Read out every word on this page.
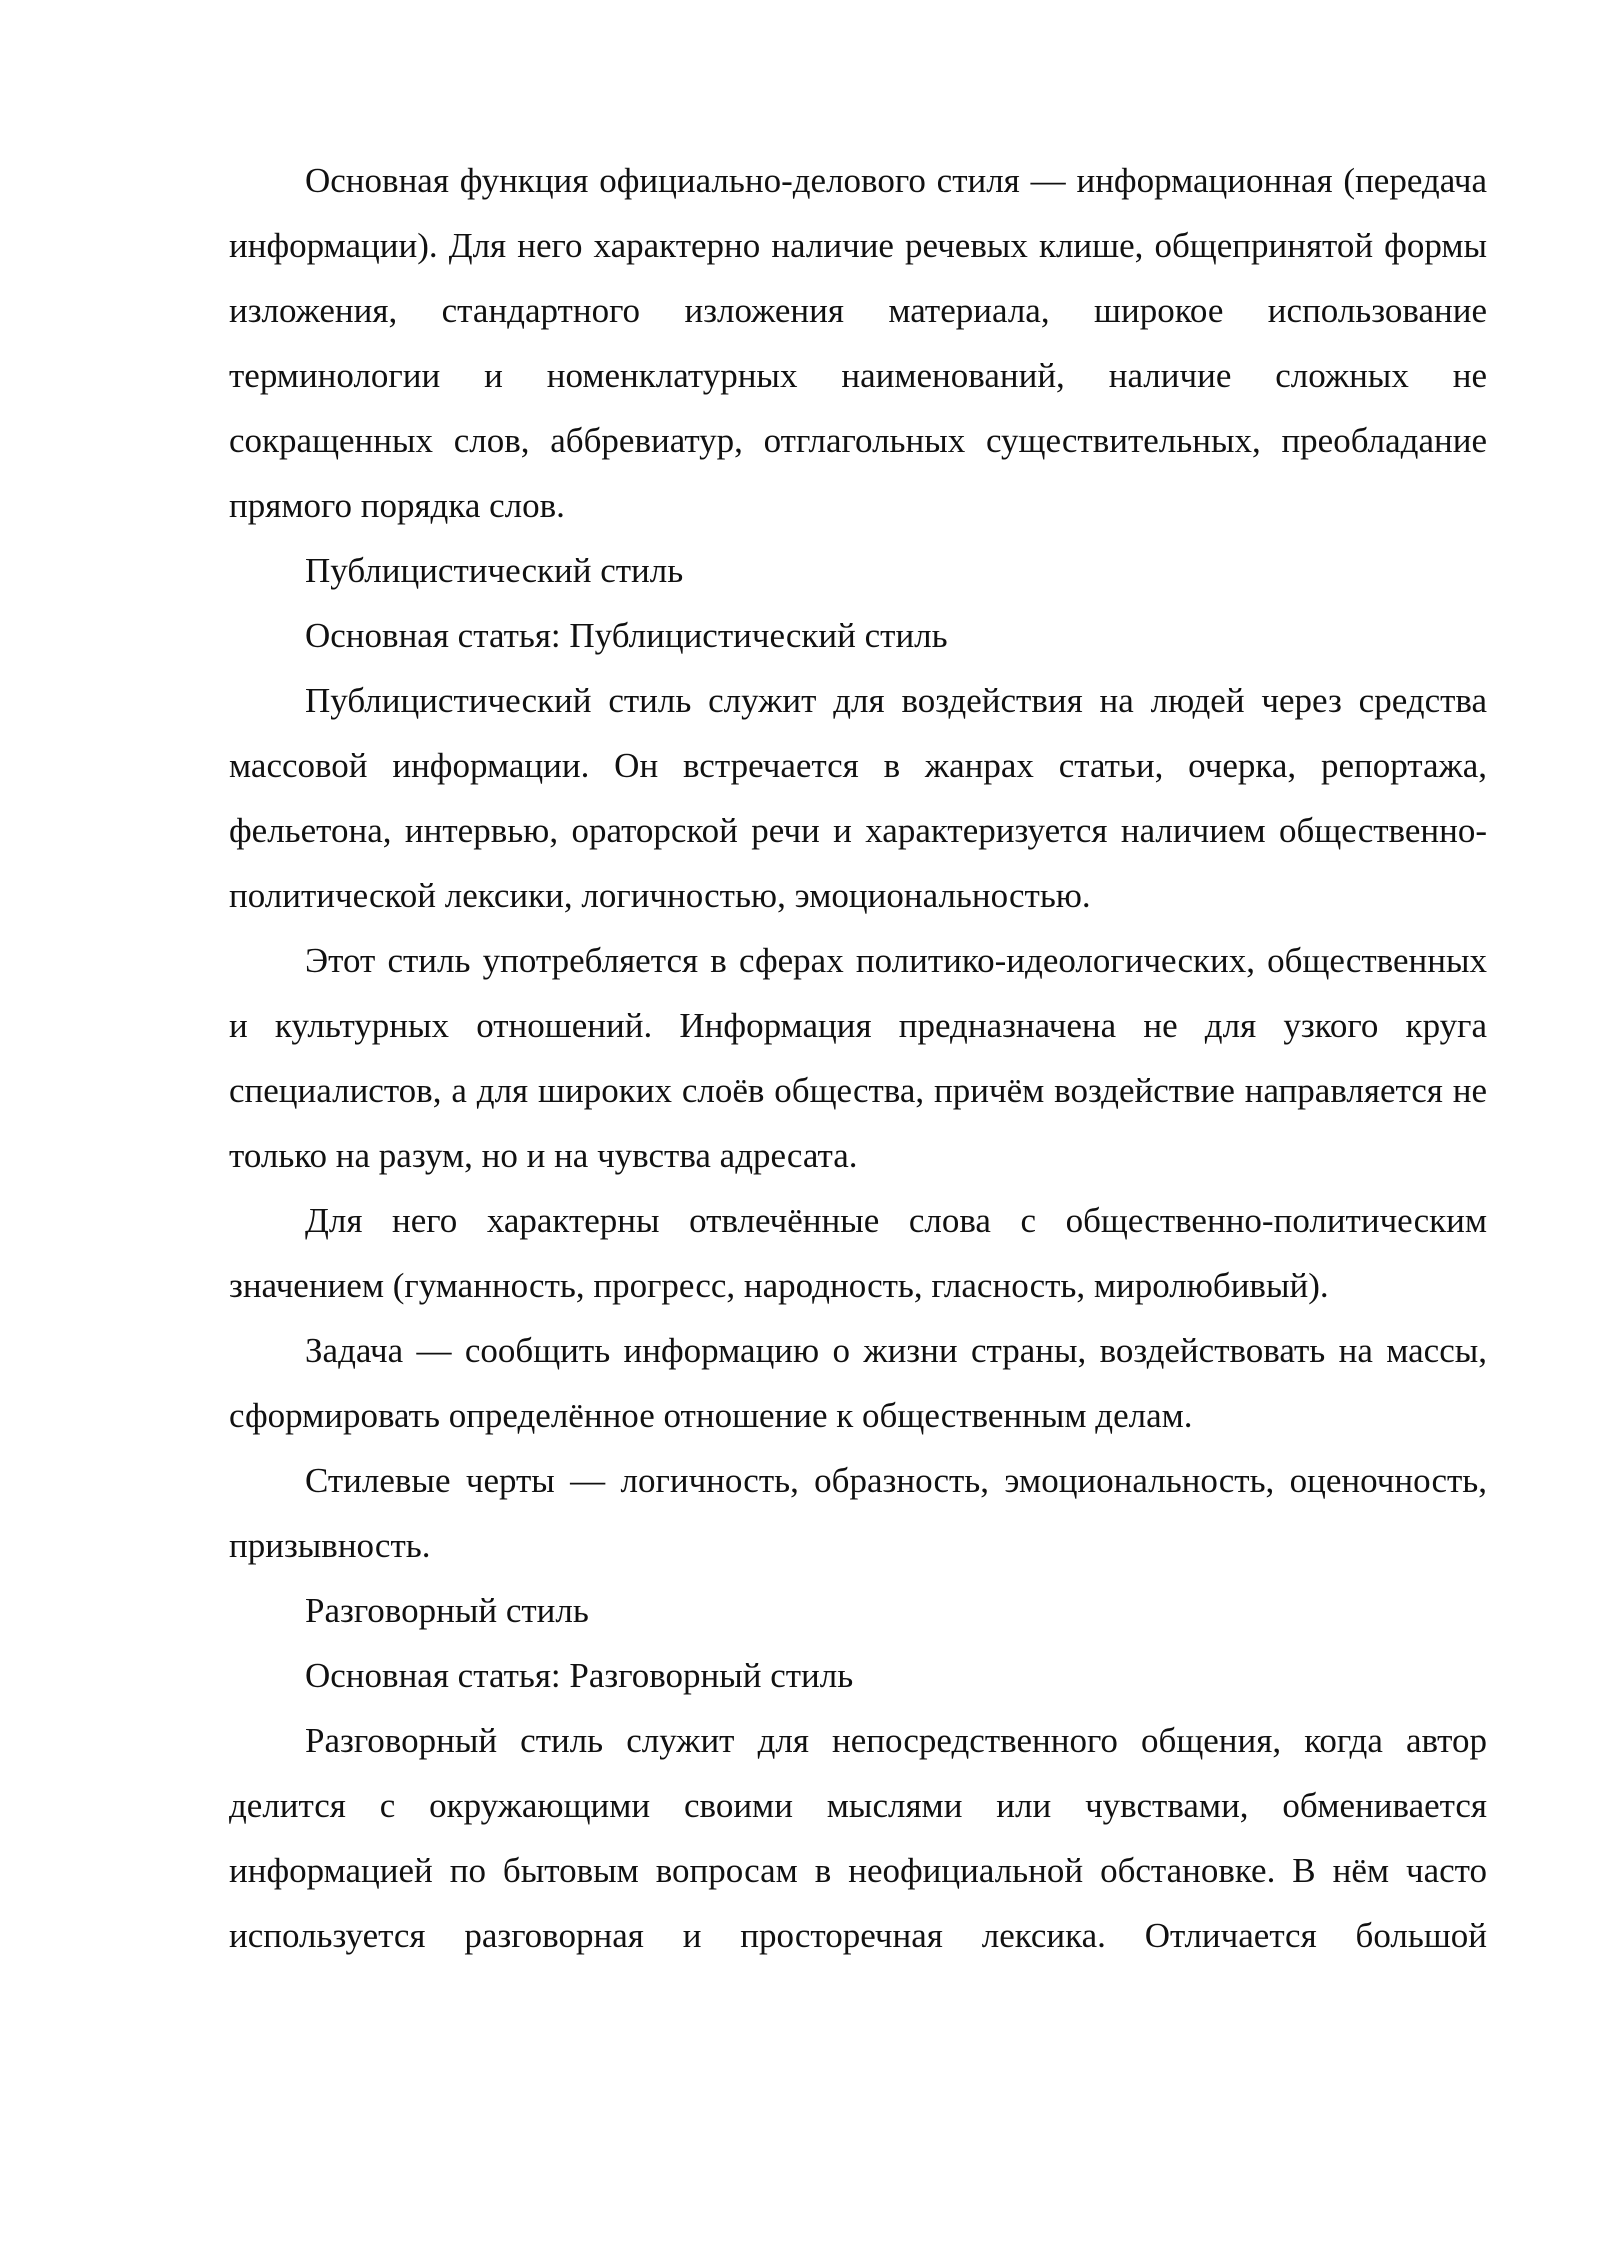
Основная функция официально-делового стиля — информационная (передача информации). Для него характерно наличие речевых клише, общепринятой формы изложения, стандартного изложения материала, широкое использование терминологии и номенклатурных наименований, наличие сложных не сокращенных слов, аббревиатур, отглагольных существительных, преобладание прямого порядка слов.

Публицистический стиль

Основная статья: Публицистический стиль

Публицистический стиль служит для воздействия на людей через средства массовой информации. Он встречается в жанрах статьи, очерка, репортажа, фельетона, интервью, ораторской речи и характеризуется наличием общественно-политической лексики, логичностью, эмоциональностью.

Этот стиль употребляется в сферах политико-идеологических, общественных и культурных отношений. Информация предназначена не для узкого круга специалистов, а для широких слоёв общества, причём воздействие направляется не только на разум, но и на чувства адресата.

Для него характерны отвлечённые слова с общественно-политическим значением (гуманность, прогресс, народность, гласность, миролюбивый).

Задача — сообщить информацию о жизни страны, воздействовать на массы, сформировать определённое отношение к общественным делам.

Стилевые черты — логичность, образность, эмоциональность, оценочность, призывность.

Разговорный стиль

Основная статья: Разговорный стиль

Разговорный стиль служит для непосредственного общения, когда автор делится с окружающими своими мыслями или чувствами, обменивается информацией по бытовым вопросам в неофициальной обстановке. В нём часто используется разговорная и просторечная лексика. Отличается большой
